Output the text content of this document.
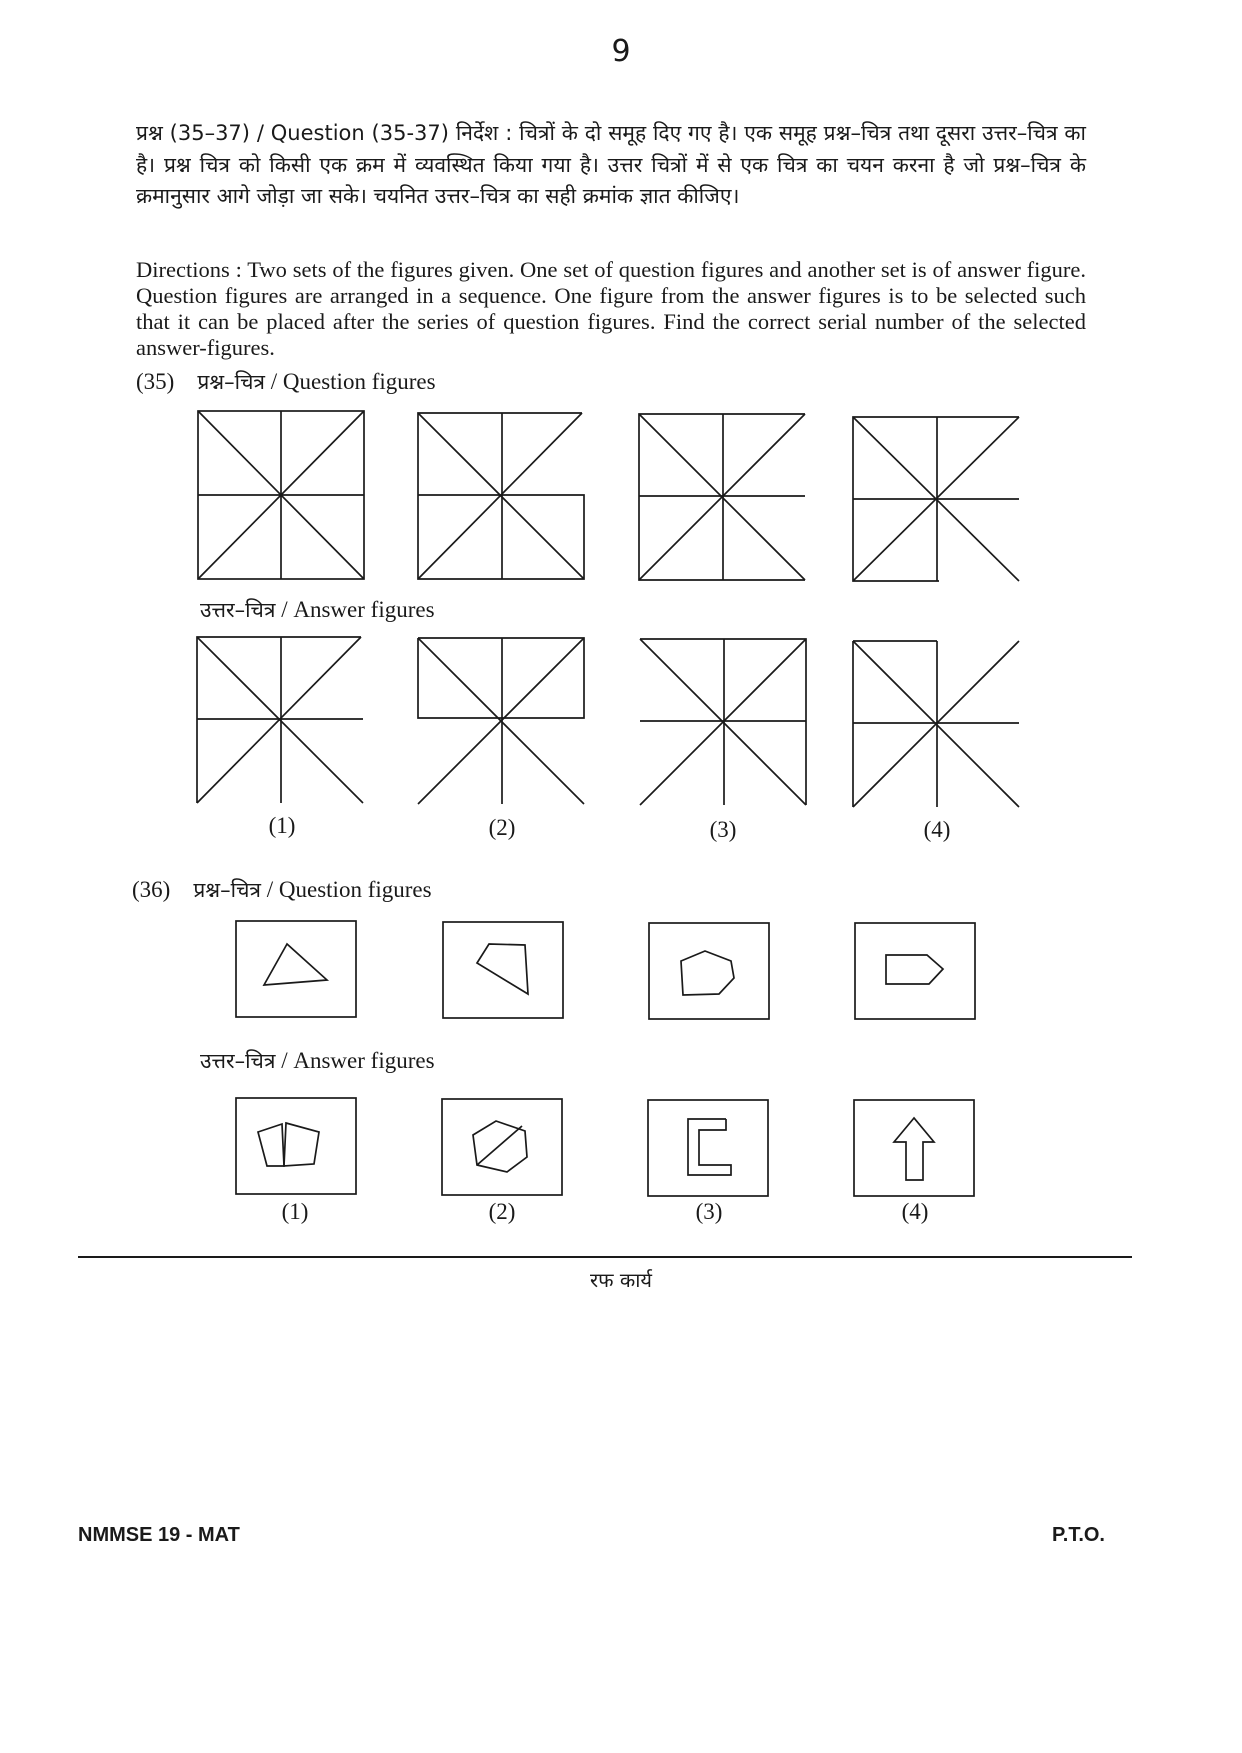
9
प्रश्न (35–37) / Question (35-37) निर्देश : चित्रों के दो समूह दिए गए है। एक समूह प्रश्न–चित्र तथा दूसरा उत्तर–चित्र का है। प्रश्न चित्र को किसी एक क्रम में व्यवस्थित किया गया है। उत्तर चित्रों में से एक चित्र का चयन करना है जो प्रश्न–चित्र के क्रमानुसार आगे जोड़ा जा सके। चयनित उत्तर–चित्र का सही क्रमांक ज्ञात कीजिए।
Directions : Two sets of the figures given. One set of question figures and another set is of answer figure. Question figures are arranged in a sequence. One figure from the answer figures is to be selected such that it can be placed after the series of question figures. Find the correct serial number of the selected answer-figures.
(35) प्रश्न–चित्र / Question figures
उत्तर–चित्र / Answer figures
(1)	(2)	(3)	(4)
(36) प्रश्न–चित्र / Question figures
उत्तर–चित्र / Answer figures
(1)	(2)	(3)	(4)
रफ कार्य
NMMSE 19 - MAT	P.T.O.
